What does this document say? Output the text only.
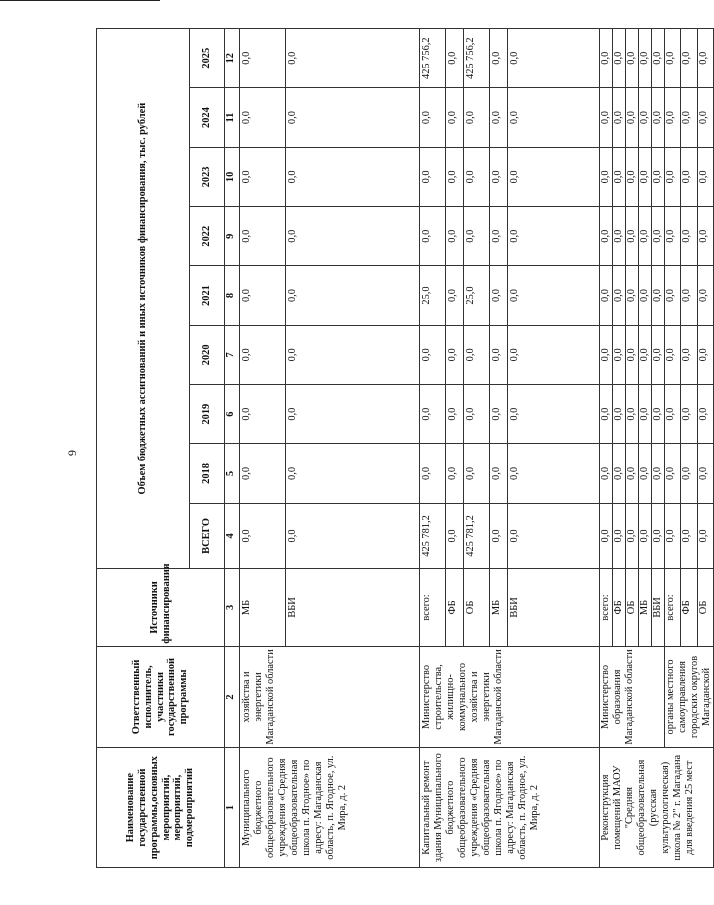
9
Наименование государственной программы,основных мероприятий, мероприятий, подмероприятий	Ответственный исполнитель, участники государственной программы	Источники финансирования	Объем бюджетных ассигнований и иных источников финансирования, тыс. рублей								
			ВСЕГО	2018	2019	2020	2021	2022	2023	2024	2025
1	2	3	4	5	6	7	8	9	10	11	12
Муниципального бюджетного общеобразовательного учреждения «Средняя общеобразовательная школа п. Ягодное» по адресу: Магаданская область, п. Ягодное, ул. Мира, д. 2	хозяйства и энергетики Магаданской области	МБ	0,0	0,0	0,0	0,0	0,0	0,0	0,0	0,0	0,0
		ВБИ	0,0	0,0	0,0	0,0	0,0	0,0	0,0	0,0	0,0
Капитальный ремонт здания Муниципального бюджетного общеобразовательного учреждения «Средняя общеобразовательная школа п. Ягодное» по адресу: Магаданская область, п. Ягодное, ул. Мира, д. 2	Министерство строительства, жилищно-коммунального хозяйства и энергетики Магаданской области	всего:	425 781,2	0,0	0,0	0,0	25,0	0,0	0,0	0,0	425 756,2
		ФБ	0,0	0,0	0,0	0,0	0,0	0,0	0,0	0,0	0,0
		ОБ	425 781,2	0,0	0,0	0,0	25,0	0,0	0,0	0,0	425 756,2
		МБ	0,0	0,0	0,0	0,0	0,0	0,0	0,0	0,0	0,0
		ВБИ	0,0	0,0	0,0	0,0	0,0	0,0	0,0	0,0	0,0
Реконструкция помещений МАОУ "Средняя общеобразовательная (русская культурологическая) школа № 2" г. Магадана для введения 25 мест	Министерство образования Магаданской области	всего:	0,0	0,0	0,0	0,0	0,0	0,0	0,0	0,0	0,0
		ФБ	0,0	0,0	0,0	0,0	0,0	0,0	0,0	0,0	0,0
		ОБ	0,0	0,0	0,0	0,0	0,0	0,0	0,0	0,0	0,0
		МБ	0,0	0,0	0,0	0,0	0,0	0,0	0,0	0,0	0,0
		ВБИ	0,0	0,0	0,0	0,0	0,0	0,0	0,0	0,0	0,0
	органы местного самоуправления городских округов Магаданской	всего:	0,0	0,0	0,0	0,0	0,0	0,0	0,0	0,0	0,0
		ФБ	0,0	0,0	0,0	0,0	0,0	0,0	0,0	0,0	0,0
		ОБ	0,0	0,0	0,0	0,0	0,0	0,0	0,0	0,0	0,0
